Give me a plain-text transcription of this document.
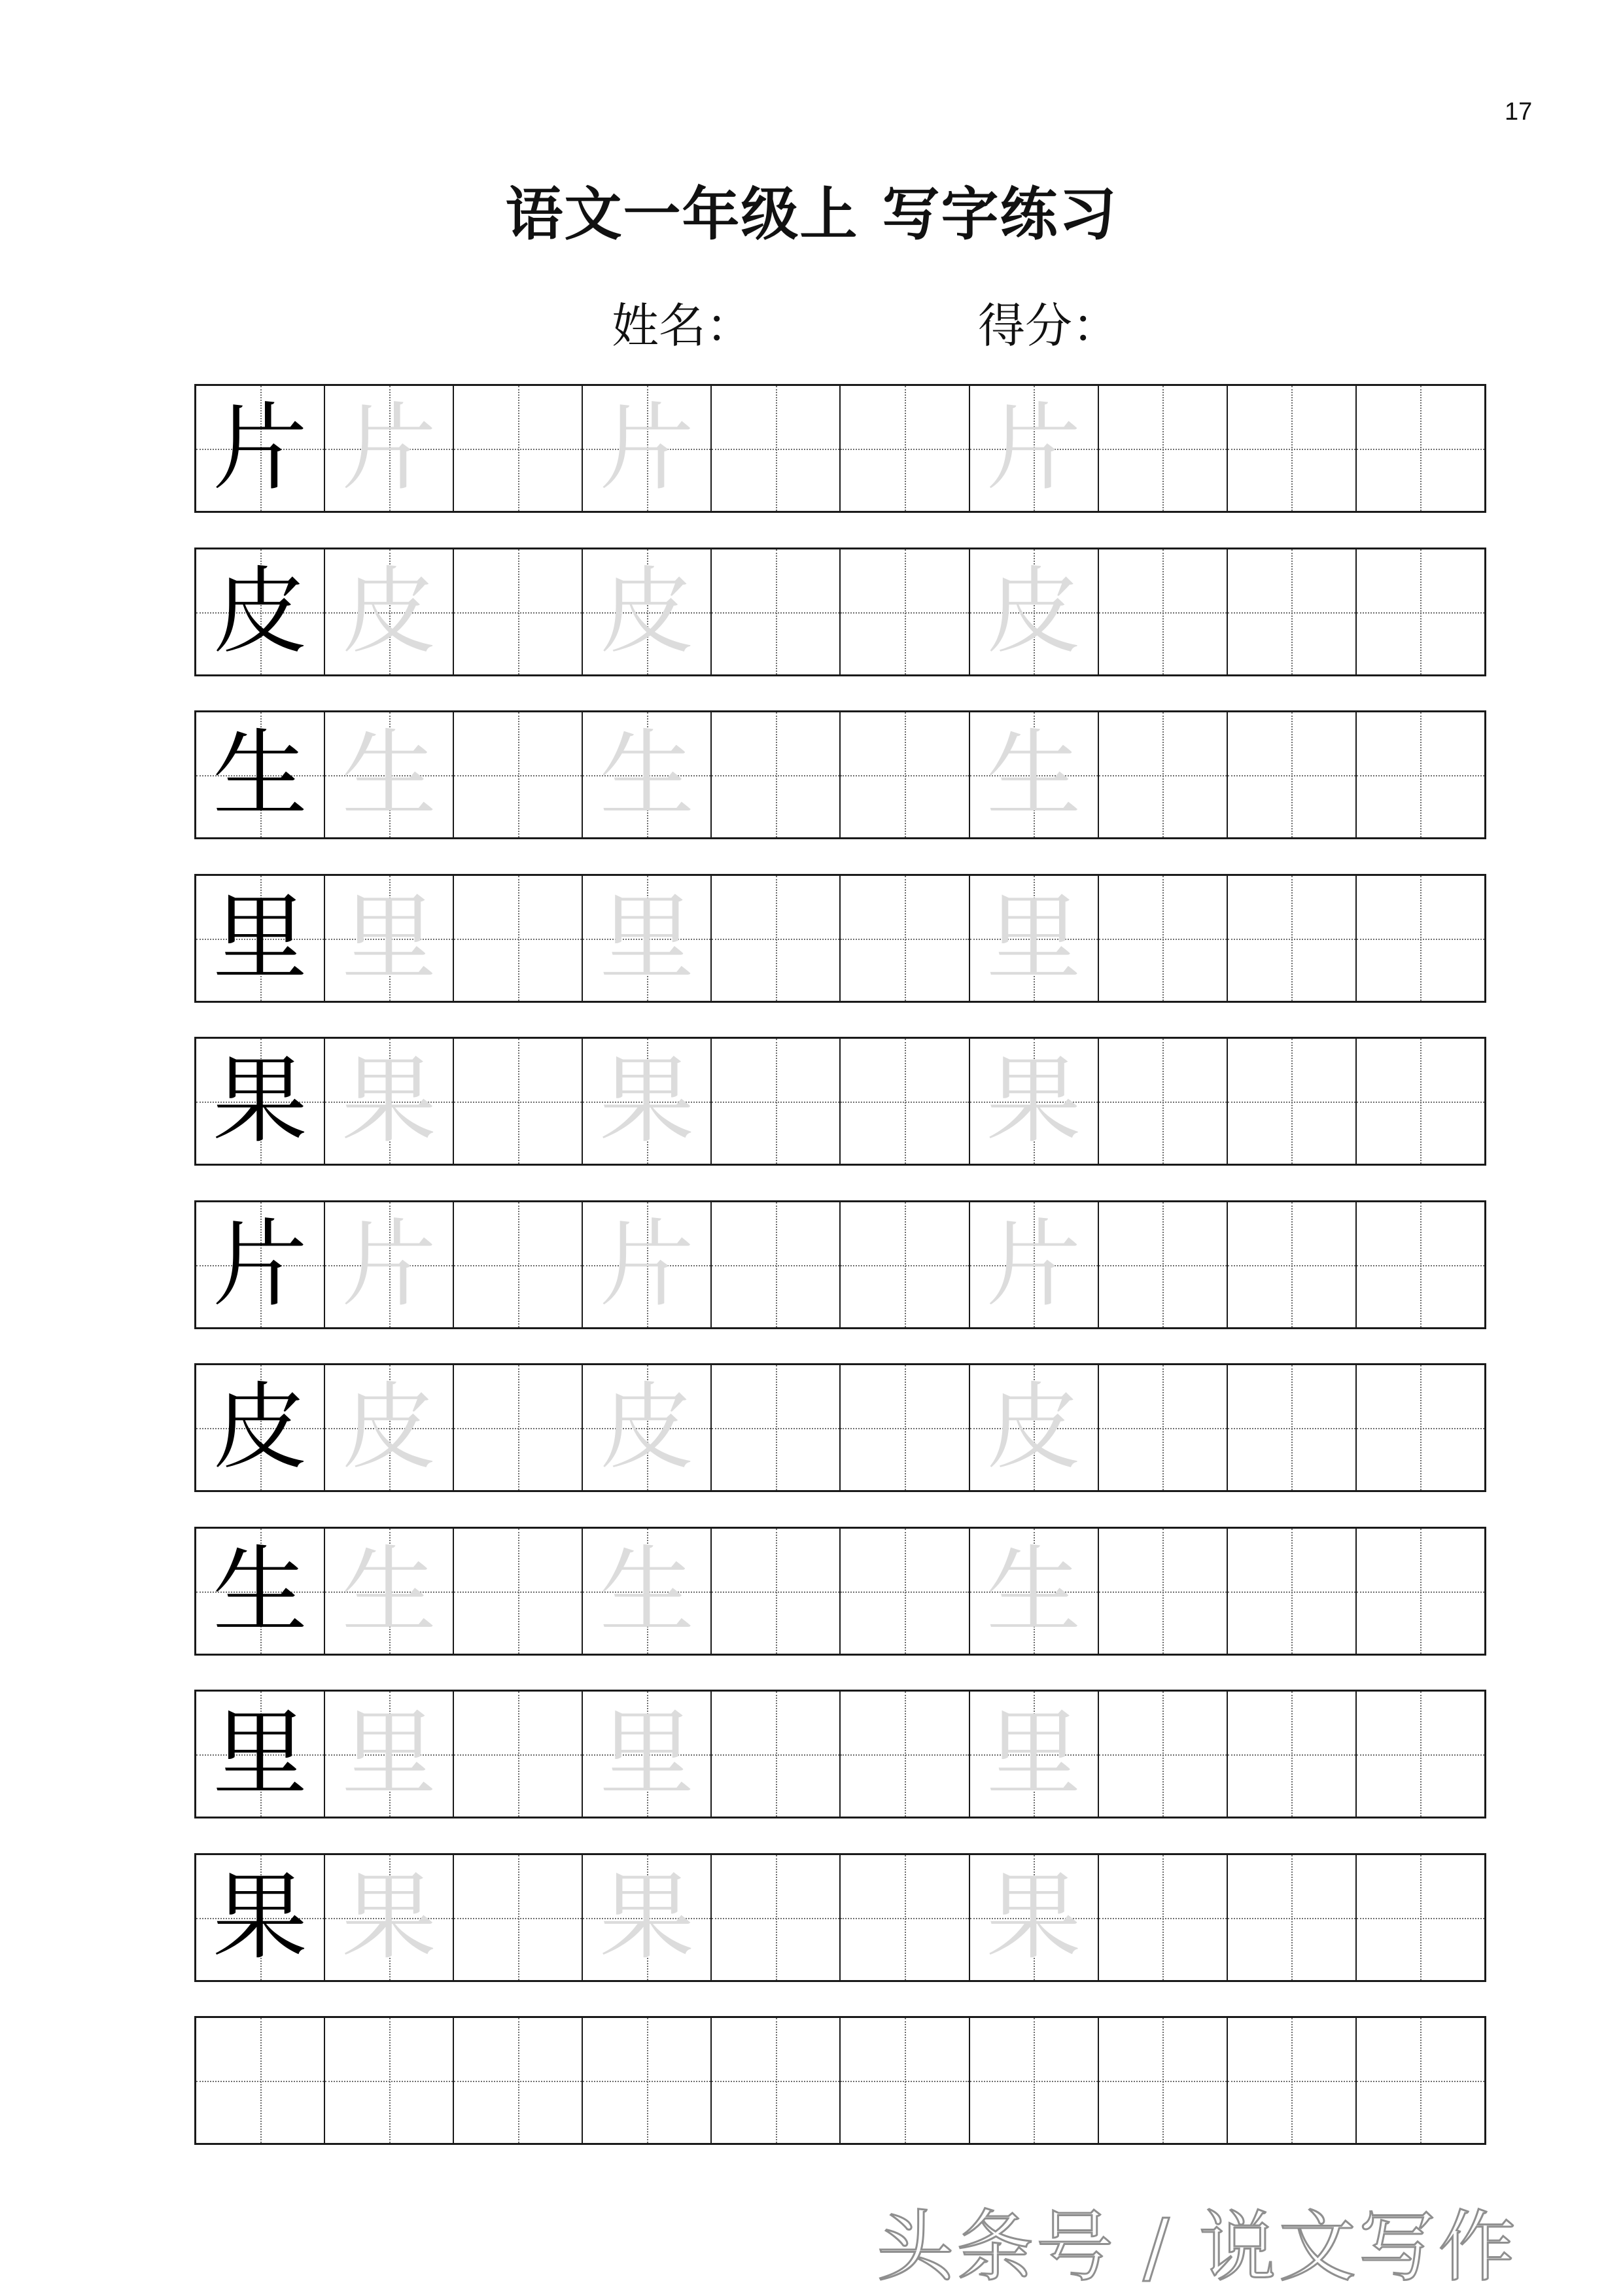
17
语文一年级上 写字练习
姓名：	得分：
片 片 片	片
皮 皮 皮	皮
生 生 生	生
里 里 里	里
果 果 果	果
片 片 片	片
皮 皮 皮	皮
生 生 生	生
里 里 里	里
果 果 果	果
头条号 / 说文写作
